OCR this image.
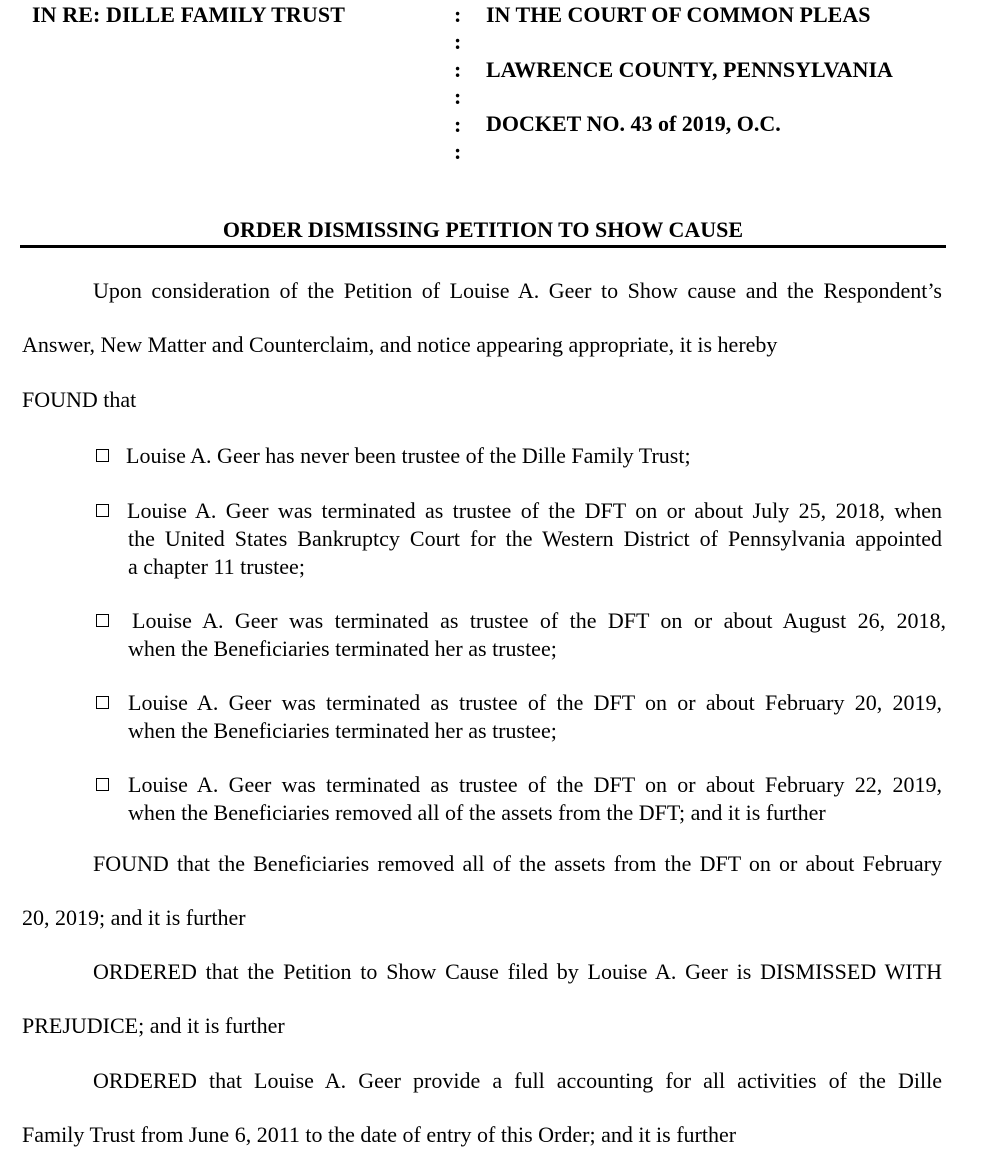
IN RE: DILLE FAMILY TRUST	:
:
:
:
:
:
IN THE COURT OF COMMON PLEAS
LAWRENCE COUNTY, PENNSYLVANIA
DOCKET NO. 43 of 2019, O.C.
ORDER DISMISSING PETITION TO SHOW CAUSE
Upon consideration of the Petition of Louise A. Geer to Show cause and the Respondent’s
Answer, New Matter and Counterclaim, and notice appearing appropriate, it is hereby
FOUND that
Louise A. Geer has never been trustee of the Dille Family Trust;
Louise A. Geer was terminated as trustee of the DFT on or about July 25, 2018, when
the United States Bankruptcy Court for the Western District of Pennsylvania appointed
a chapter 11 trustee;
Louise A. Geer was terminated as trustee of the DFT on or about August 26, 2018,
when the Beneficiaries terminated her as trustee;
Louise A. Geer was terminated as trustee of the DFT on or about February 20, 2019,
when the Beneficiaries terminated her as trustee;
Louise A. Geer was terminated as trustee of the DFT on or about February 22, 2019,
when the Beneficiaries removed all of the assets from the DFT; and it is further
FOUND that the Beneficiaries removed all of the assets from the DFT on or about February
20, 2019; and it is further
ORDERED that the Petition to Show Cause filed by Louise A. Geer is DISMISSED WITH
PREJUDICE; and it is further
ORDERED that Louise A. Geer provide a full accounting for all activities of the Dille
Family Trust from June 6, 2011 to the date of entry of this Order; and it is further
